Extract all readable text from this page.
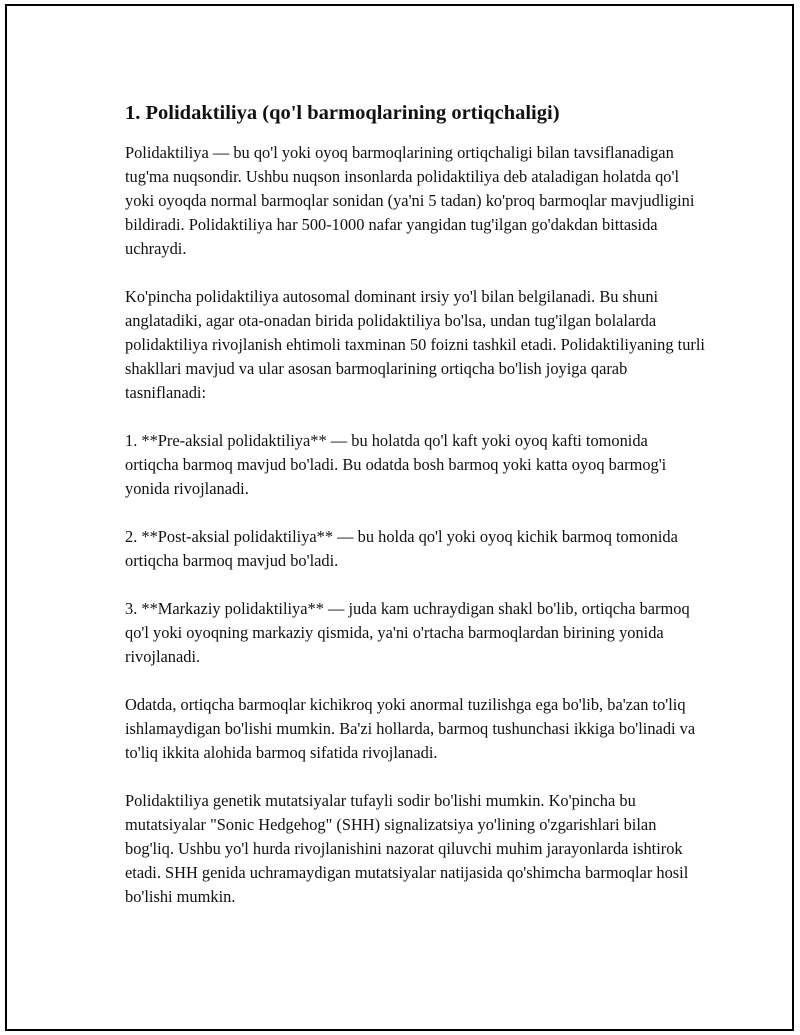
1. Polidaktiliya (qo'l barmoqlarining ortiqchaligi)

Polidaktiliya — bu qo'l yoki oyoq barmoqlarining ortiqchaligi bilan tavsiflanadigan tug'ma nuqsondir. Ushbu nuqson insonlarda polidaktiliya deb ataladigan holatda qo'l yoki oyoqda normal barmoqlar sonidan (ya'ni 5 tadan) ko'proq barmoqlar mavjudligini bildiradi. Polidaktiliya har 500-1000 nafar yangidan tug'ilgan go'dakdan bittasida uchraydi.

Ko'pincha polidaktiliya autosomal dominant irsiy yo'l bilan belgilanadi. Bu shuni anglatadiki, agar ota-onadan birida polidaktiliya bo'lsa, undan tug'ilgan bolalarda polidaktiliya rivojlanish ehtimoli taxminan 50 foizni tashkil etadi. Polidaktiliyaning turli shakllari mavjud va ular asosan barmoqlarining ortiqcha bo'lish joyiga qarab tasniflanadi:

1. **Pre-aksial polidaktiliya** — bu holatda qo'l kaft yoki oyoq kafti tomonida ortiqcha barmoq mavjud bo'ladi. Bu odatda bosh barmoq yoki katta oyoq barmog'i yonida rivojlanadi.

2. **Post-aksial polidaktiliya** — bu holda qo'l yoki oyoq kichik barmoq tomonida ortiqcha barmoq mavjud bo'ladi.

3. **Markaziy polidaktiliya** — juda kam uchraydigan shakl bo'lib, ortiqcha barmoq qo'l yoki oyoqning markaziy qismida, ya'ni o'rtacha barmoqlardan birining yonida rivojlanadi.

Odatda, ortiqcha barmoqlar kichikroq yoki anormal tuzilishga ega bo'lib, ba'zan to'liq ishlamaydigan bo'lishi mumkin. Ba'zi hollarda, barmoq tushunchasi ikkiga bo'linadi va to'liq ikkita alohida barmoq sifatida rivojlanadi.

Polidaktiliya genetik mutatsiyalar tufayli sodir bo'lishi mumkin. Ko'pincha bu mutatsiyalar "Sonic Hedgehog" (SHH) signalizatsiya yo'lining o'zgarishlari bilan bog'liq. Ushbu yo'l hurda rivojlanishini nazorat qiluvchi muhim jarayonlarda ishtirok etadi. SHH genida uchramaydigan mutatsiyalar natijasida qo'shimcha barmoqlar hosil bo'lishi mumkin.
